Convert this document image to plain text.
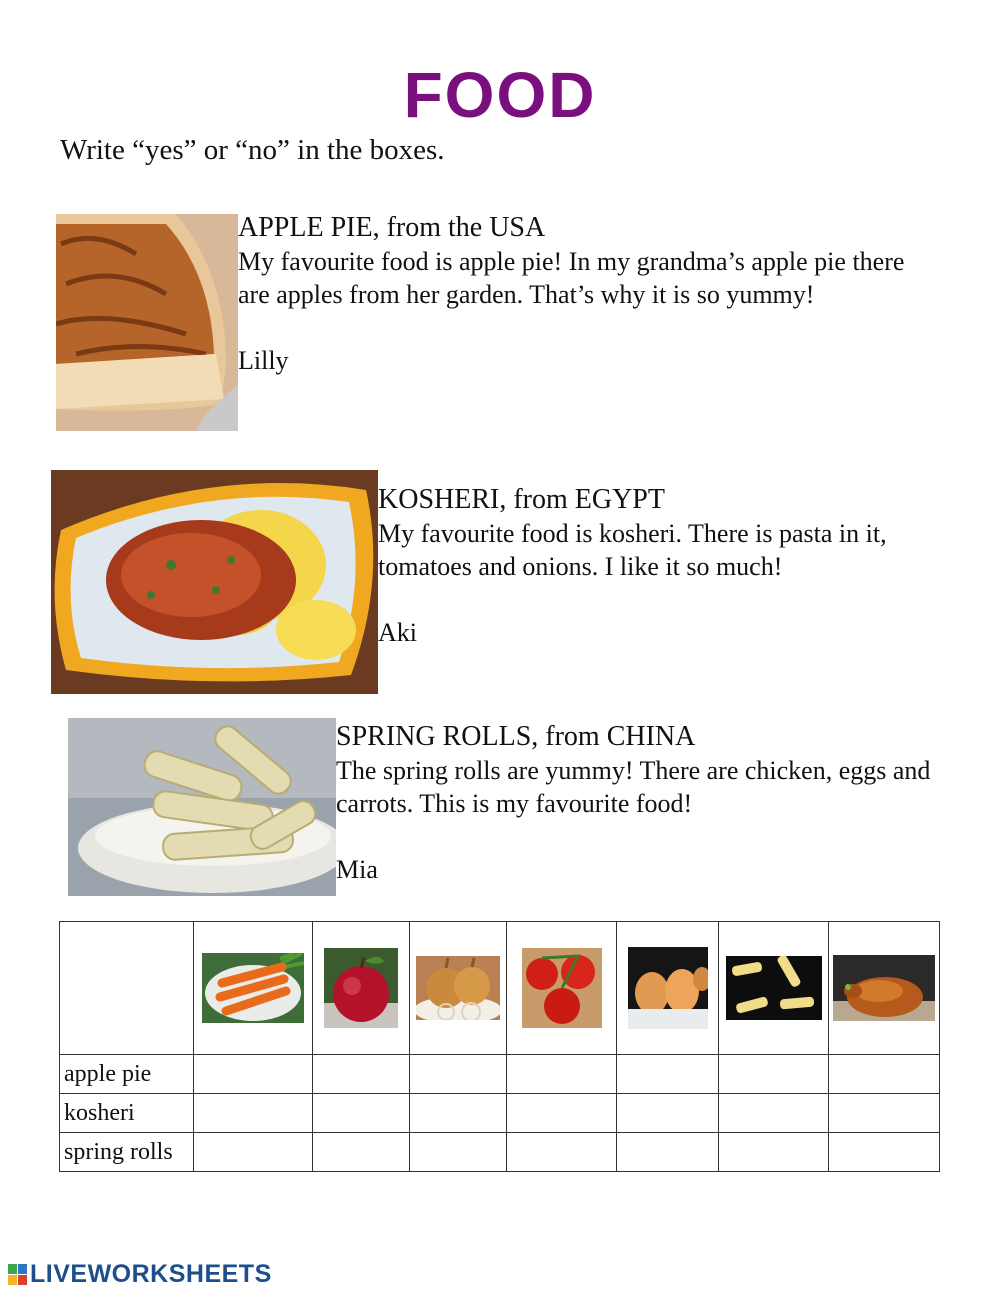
FOOD
Write “yes” or “no” in the boxes.
APPLE PIE, from the USA
My favourite food is apple pie! In my grandma’s apple pie there are apples from her garden. That’s why it is so yummy!
Lilly
KOSHERI, from EGYPT
My favourite food is kosheri. There is pasta in it, tomatoes and onions. I like it so much!
Aki
SPRING ROLLS, from CHINA
The spring rolls are yummy! There are chicken, eggs and carrots. This is my favourite food!
Mia

apple pie							
kosheri							
spring rolls							
LIVEWORKSHEETS
